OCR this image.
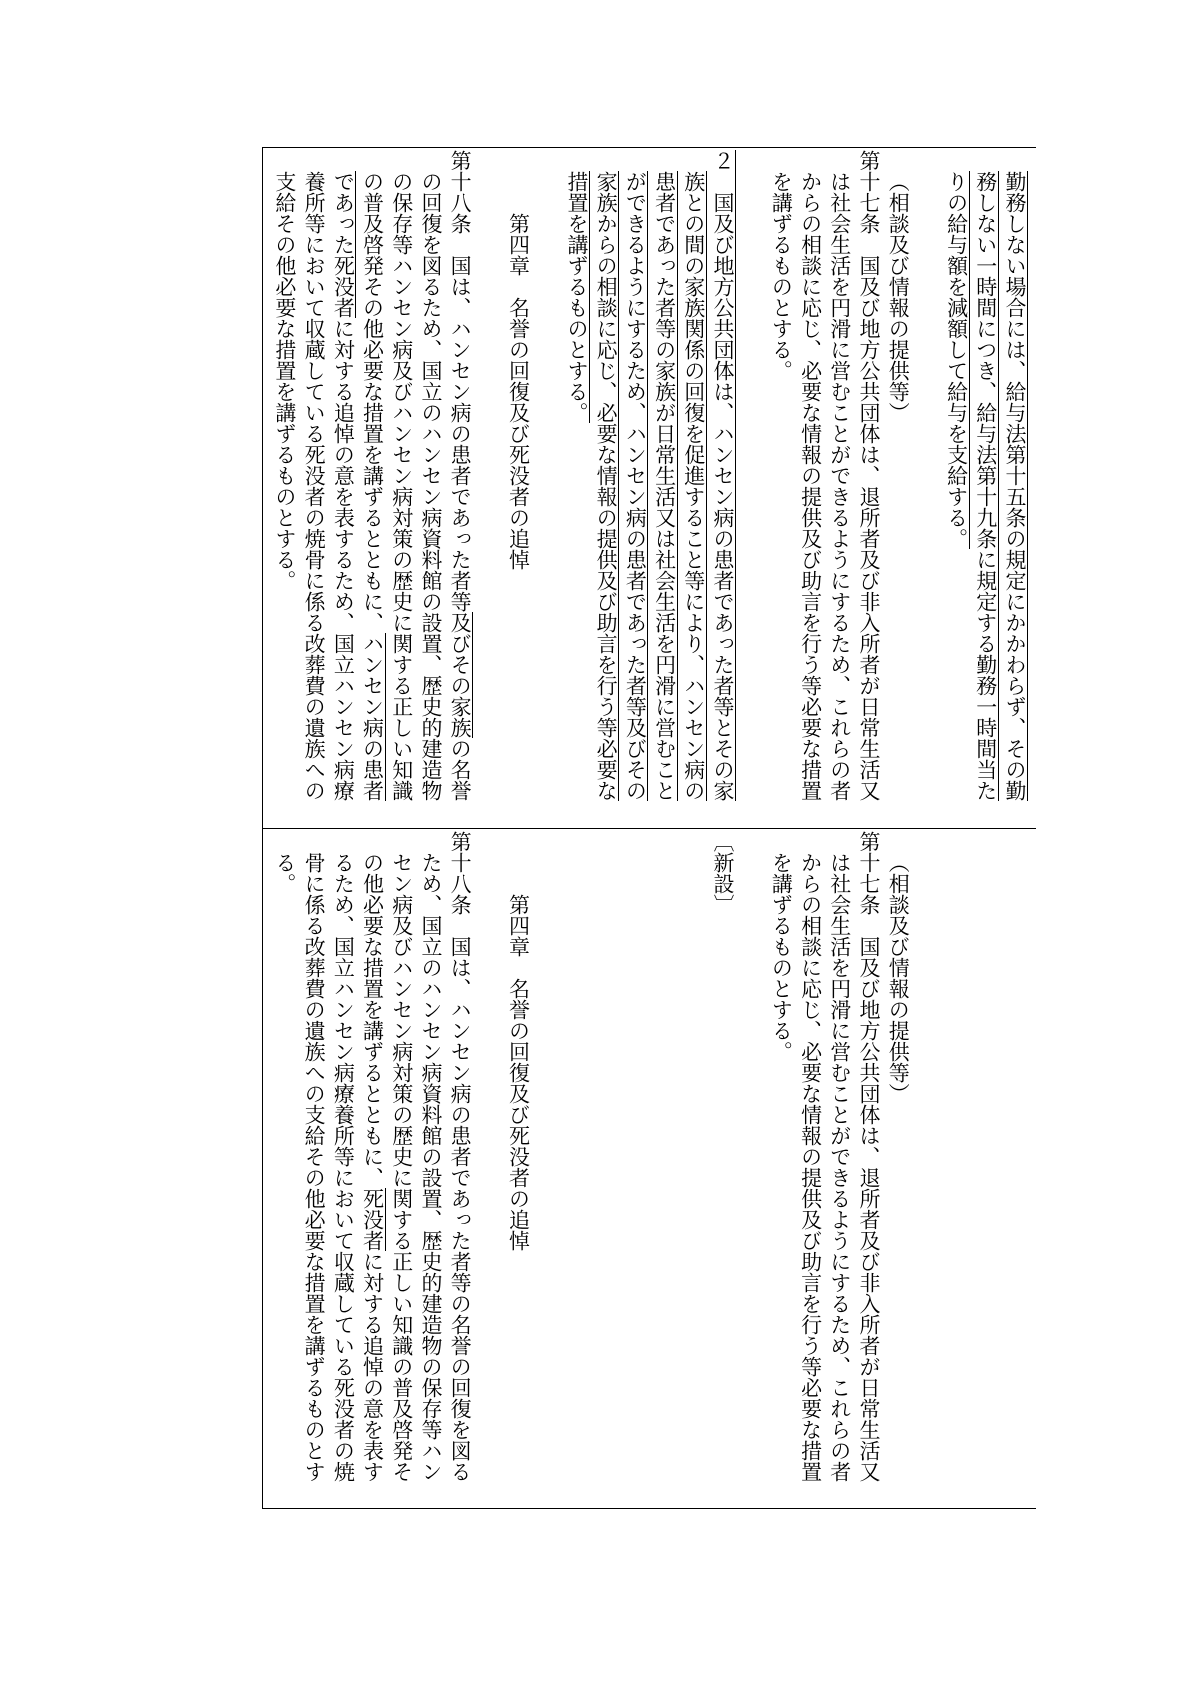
勤務しない場合には、給与法第十五条の規定にかかわらず、その勤
務しない一時間につき、給与法第十九条に規定する勤務一時間当た
りの給与額を減額して給与を支給する。

（相談及び情報の提供等）
第十七条　国及び地方公共団体は、退所者及び非入所者が日常生活又
は社会生活を円滑に営むことができるようにするため、これらの者
からの相談に応じ、必要な情報の提供及び助言を行う等必要な措置
を講ずるものとする。

２　国及び地方公共団体は、ハンセン病の患者であった者等とその家
族との間の家族関係の回復を促進すること等により、ハンセン病の
患者であった者等の家族が日常生活又は社会生活を円滑に営むこと
ができるようにするため、ハンセン病の患者であった者等及びその
家族からの相談に応じ、必要な情報の提供及び助言を行う等必要な
措置を講ずるものとする。

　　第四章　名誉の回復及び死没者の追悼

第十八条　国は、ハンセン病の患者であった者等及びその家族の名誉
の回復を図るため、国立のハンセン病資料館の設置、歴史的建造物
の保存等ハンセン病及びハンセン病対策の歴史に関する正しい知識
の普及啓発その他必要な措置を講ずるとともに、ハンセン病の患者
であった死没者に対する追悼の意を表するため、国立ハンセン病療
養所等において収蔵している死没者の焼骨に係る改葬費の遺族への
支給その他必要な措置を講ずるものとする。

（相談及び情報の提供等）
第十七条　国及び地方公共団体は、退所者及び非入所者が日常生活又
は社会生活を円滑に営むことができるようにするため、これらの者
からの相談に応じ、必要な情報の提供及び助言を行う等必要な措置
を講ずるものとする。

〔新設〕

　　第四章　名誉の回復及び死没者の追悼

第十八条　国は、ハンセン病の患者であった者等の名誉の回復を図る
ため、国立のハンセン病資料館の設置、歴史的建造物の保存等ハン
セン病及びハンセン病対策の歴史に関する正しい知識の普及啓発そ
の他必要な措置を講ずるとともに、死没者に対する追悼の意を表す
るため、国立ハンセン病療養所等において収蔵している死没者の焼
骨に係る改葬費の遺族への支給その他必要な措置を講ずるものとす
る。
